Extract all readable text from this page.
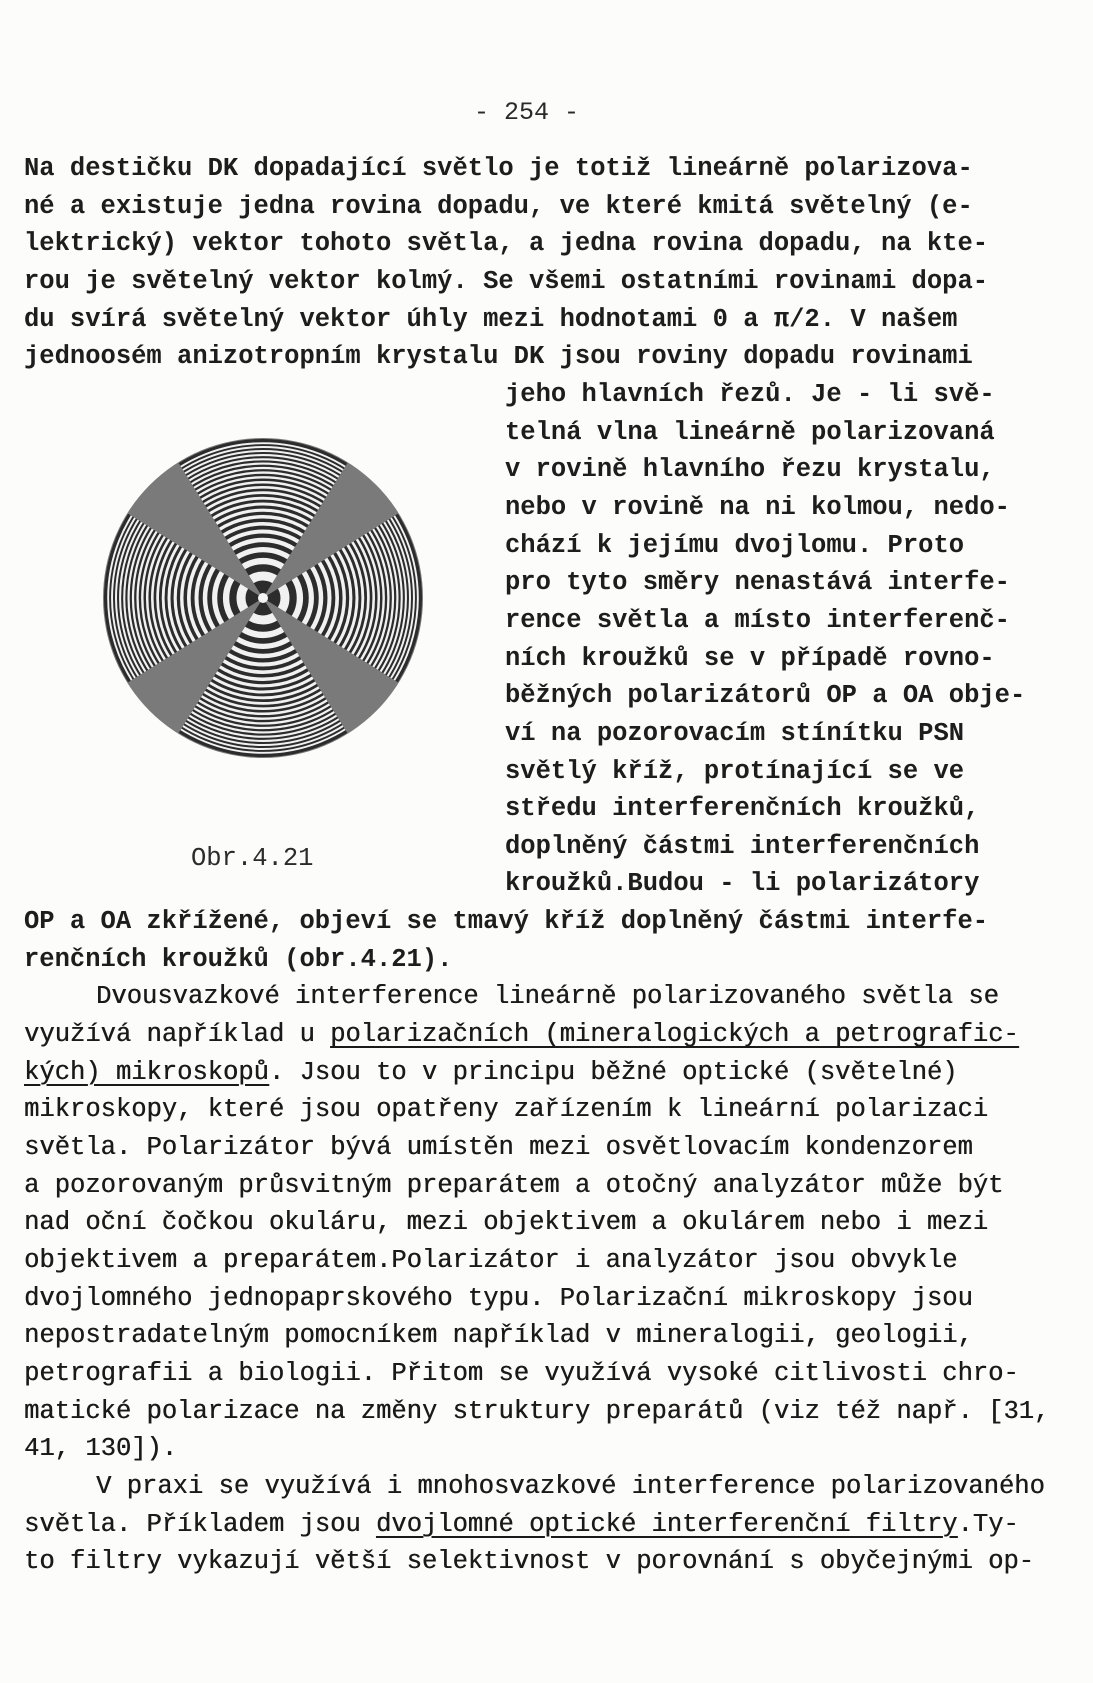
- 254 -
Obr.4.21
Na destičku DK dopadající světlo je totiž lineárně polarizova-
né a existuje jedna rovina dopadu, ve které kmitá světelný (e-
lektrický) vektor tohoto světla, a jedna rovina dopadu, na kte-
rou je světelný vektor kolmý. Se všemi ostatními rovinami dopa-
du svírá světelný vektor úhly mezi hodnotami 0 a π/2. V našem
jednoosém anizotropním krystalu DK jsou roviny dopadu rovinami
jeho hlavních řezů. Je - li svě-
telná vlna lineárně polarizovaná
v rovině hlavního řezu krystalu,
nebo v rovině na ni kolmou, nedo-
chází k jejímu dvojlomu. Proto
pro tyto směry nenastává interfe-
rence světla a místo interferenč-
ních kroužků se v případě rovno-
běžných polarizátorů OP a OA obje-
ví na pozorovacím stínítku PSN
světlý kříž, protínající se ve
středu interferenčních kroužků,
doplněný částmi interferenčních
kroužků.Budou - li polarizátory
OP a OA zkřížené, objeví se tmavý kříž doplněný částmi interfe-
renčních kroužků (obr.4.21).
Dvousvazkové interference lineárně polarizovaného světla se
využívá například u polarizačních (mineralogických a petrografic-
kých) mikroskopů. Jsou to v principu běžné optické (světelné)
mikroskopy, které jsou opatřeny zařízením k lineární polarizaci
světla. Polarizátor bývá umístěn mezi osvětlovacím kondenzorem
a pozorovaným průsvitným preparátem a otočný analyzátor může být
nad oční čočkou okuláru, mezi objektivem a okulárem nebo i mezi
objektivem a preparátem.Polarizátor i analyzátor jsou obvykle
dvojlomného jednopaprskového typu. Polarizační mikroskopy jsou
nepostradatelným pomocníkem například v mineralogii, geologii,
petrografii a biologii. Přitom se využívá vysoké citlivosti chro-
matické polarizace na změny struktury preparátů (viz též např. [31,
41, 130]).
V praxi se využívá i mnohosvazkové interference polarizovaného
světla. Příkladem jsou dvojlomné optické interferenční filtry.Ty-
to filtry vykazují větší selektivnost v porovnání s obyčejnými op-
